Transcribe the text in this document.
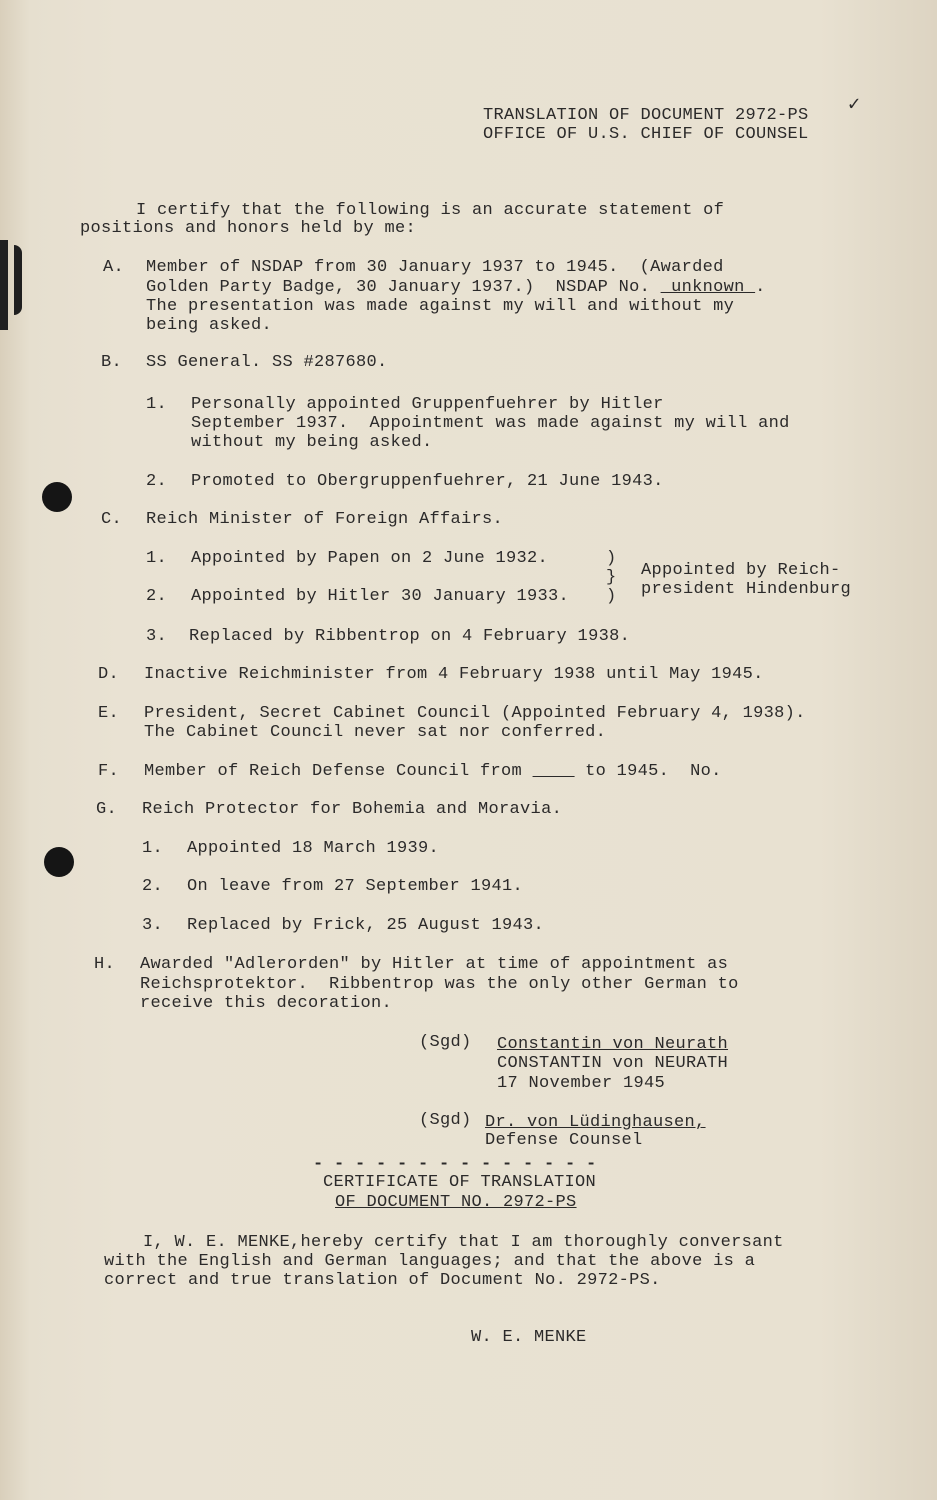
TRANSLATION OF DOCUMENT 2972-PS
OFFICE OF U.S. CHIEF OF COUNSEL
✓
I certify that the following is an accurate statement of
positions and honors held by me:
A. Member of NSDAP from 30 January 1937 to 1945.  (Awarded
Golden Party Badge, 30 January 1937.)  NSDAP No.  unknown .
The presentation was made against my will and without my
being asked.
B. SS General. SS #287680.
1. Personally appointed Gruppenfuehrer by Hitler
September 1937.  Appointment was made against my will and
without my being asked.
2. Promoted to Obergruppenfuehrer, 21 June 1943.
C. Reich Minister of Foreign Affairs.
1. Appointed by Papen on 2 June 1932.
2. Appointed by Hitler 30 January 1933.
)
}
)
Appointed by Reich-
president Hindenburg
3. Replaced by Ribbentrop on 4 February 1938.
D. Inactive Reichminister from 4 February 1938 until May 1945.
E. President, Secret Cabinet Council (Appointed February 4, 1938).
The Cabinet Council never sat nor conferred.
F. Member of Reich Defense Council from      to 1945.  No.
G. Reich Protector for Bohemia and Moravia.
1. Appointed 18 March 1939.
2. On leave from 27 September 1941.
3. Replaced by Frick, 25 August 1943.
H. Awarded "Adlerorden" by Hitler at time of appointment as
Reichsprotektor.  Ribbentrop was the only other German to
receive this decoration.
(Sgd)	Constantin von Neurath
CONSTANTIN von NEURATH
17 November 1945
(Sgd) Dr. von Lüdinghausen,
Defense Counsel
- - - - - - - - - - - - - -
CERTIFICATE OF TRANSLATION
OF DOCUMENT NO. 2972-PS
I, W. E. MENKE,hereby certify that I am thoroughly conversant
with the English and German languages; and that the above is a
correct and true translation of Document No. 2972-PS.
W. E. MENKE
